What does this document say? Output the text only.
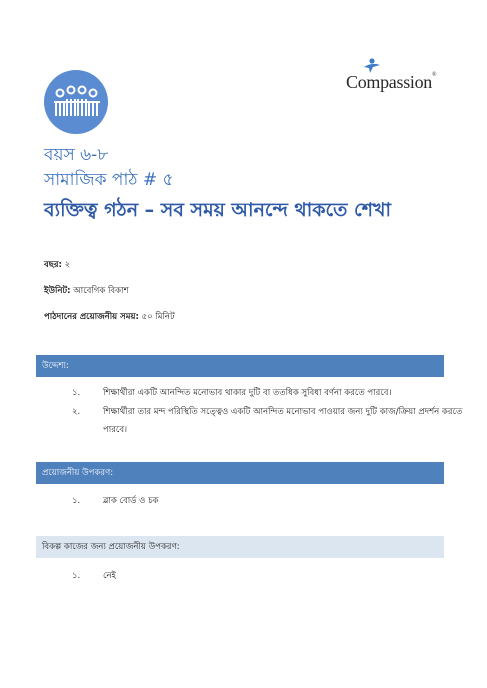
Compassion®
বয়স ৬-৮
সামাজিক পাঠ # ৫
ব্যক্তিত্ব গঠন – সব সময় আনন্দে থাকতে শেখা
বছর: ২
ইউনিট: আবেগিক বিকাশ
পাঠদানের প্রয়োজনীয় সময়: ৫০ মিনিট
উদ্দেশ্য:
১.	শিক্ষার্থীরা একটি আনন্দিত মনোভাব থাকার দুটি বা ততধিক সুবিধা বর্ণনা করতে পারবে।
২.	শিক্ষার্থীরা তার মন্দ পরিস্থিতি সত্ত্বেও একটি আনন্দিত মনোভাব পাওয়ার জন্য দুটি কাজ/ক্রিয়া প্রদর্শন করতে
পারবে।
প্রয়োজনীয় উপকরণ:
১.	ব্লাক বোর্ড ও চক
বিকল্প কাজের জন্য প্রয়োজনীয় উপকরণ:
১.	নেই
